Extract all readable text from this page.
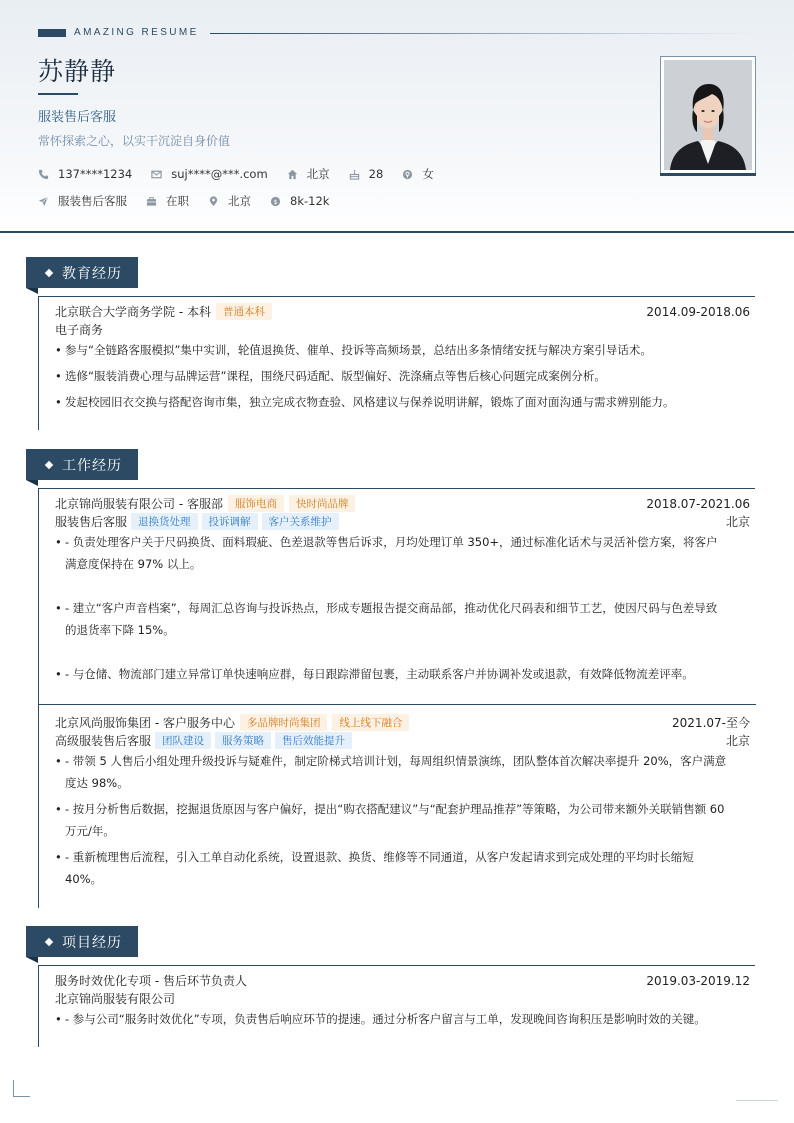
AMAZING RESUME
苏静静
服装售后客服
常怀探索之心，以实干沉淀自身价值
137****1234	suj****@***.com	北京	28	女
服装售后客服	在职	北京	$ 8k-12k
教育经历
北京联合大学商务学院 - 本科	普通本科	2014.09-2018.06
电子商务
• 参与“全链路客服模拟”集中实训，轮值退换货、催单、投诉等高频场景，总结出多条情绪安抚与解决方案引导话术。
• 选修“服装消费心理与品牌运营”课程，围绕尺码适配、版型偏好、洗涤痛点等售后核心问题完成案例分析。
• 发起校园旧衣交换与搭配咨询市集，独立完成衣物查验、风格建议与保养说明讲解，锻炼了面对面沟通与需求辨别能力。
工作经历
北京锦尚服装有限公司 - 客服部	服饰电商	快时尚品牌	2018.07-2021.06
服装售后客服	退换货处理	投诉调解	客户关系维护	北京
• - 负责处理客户关于尺码换货、面料瑕疵、色差退款等售后诉求，月均处理订单 350+，通过标准化话术与灵活补偿方案，将客户
满意度保持在 97% 以上。
• - 建立“客户声音档案”，每周汇总咨询与投诉热点，形成专题报告提交商品部，推动优化尺码表和细节工艺，使因尺码与色差导致
的退货率下降 15%。
• - 与仓储、物流部门建立异常订单快速响应群，每日跟踪滞留包裹，主动联系客户并协调补发或退款，有效降低物流差评率。
北京风尚服饰集团 - 客户服务中心	多品牌时尚集团	线上线下融合	2021.07-至今
高级服装售后客服	团队建设	服务策略	售后效能提升	北京
• - 带领 5 人售后小组处理升级投诉与疑难件，制定阶梯式培训计划，每周组织情景演练，团队整体首次解决率提升 20%，客户满意
度达 98%。
• - 按月分析售后数据，挖掘退货原因与客户偏好，提出“购衣搭配建议”与“配套护理品推荐”等策略，为公司带来额外关联销售额 60
万元/年。
• - 重新梳理售后流程，引入工单自动化系统，设置退款、换货、维修等不同通道，从客户发起请求到完成处理的平均时长缩短
40%。
项目经历
服务时效优化专项 - 售后环节负责人	2019.03-2019.12
北京锦尚服装有限公司
• - 参与公司“服务时效优化”专项，负责售后响应环节的提速。通过分析客户留言与工单，发现晚间咨询积压是影响时效的关键。
